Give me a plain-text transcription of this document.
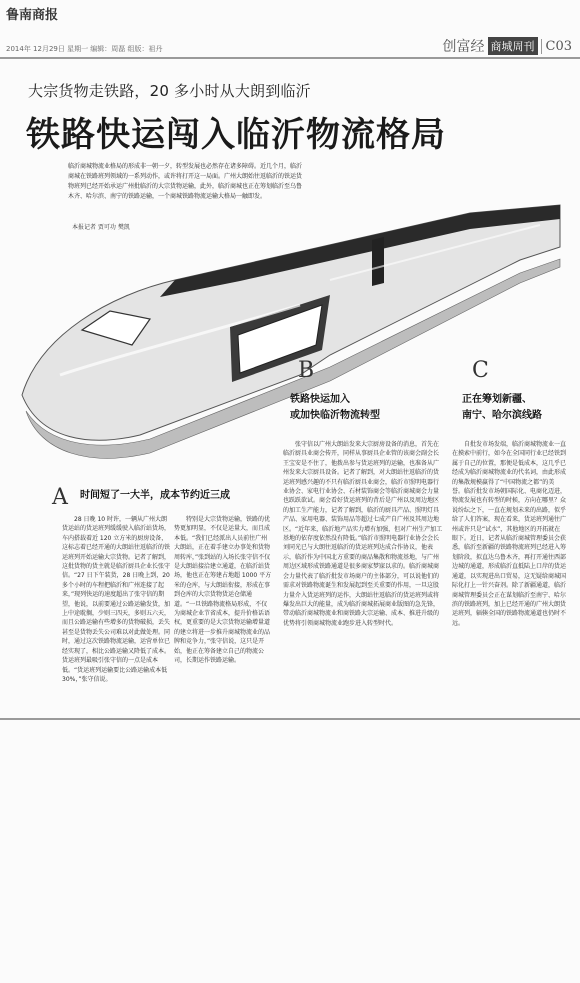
鲁南商报
2014年 12月29日 星期一 编辑：周磊 组版：祖丹	创富经 商城周刊 C03
大宗货物走铁路，20 多小时从大朗到临沂
铁路快运闯入临沂物流格局
临沂商城物流业格局的形成非一朝一夕，转型发展也必然存在诸多障碍。近几个月，临沂商城在铁路班列领域的一系列动作，或许将打开这一局面。广州大朗始往返临沂的铁运货物班列已经开始承运广州批临沂的大宗货物运输，此外，临沂商城也正在筹划临沂至乌鲁木齐、哈尔滨、南宁的铁路运输，一个商城铁路物流运输大格局一触即发。
本报记者 贾可功 樊凯
A 时间短了一大半，成本节约近三成
28 日晚 10 时许，一辆从广州大朗货运站的货运班列缓缓驶入临沂站货场，车内搭载着近 120 立方米的厨房设备，这标志着已经开通的大朗站往返临沂的铁运班列开始运输大宗货物。记者了解到，这批货物的货主就是临沂厨具企业长张守信。“27 日下午装货，28 日晚上到，20 多个小时的车程把临沂和广州连接了起来，”现列快运的速度超出了张守信的期望，他说，以前要通过公路运输发货，加上中途耽搁，少则三四天，多则五六天，而且公路运输有些增多的货物破损，丢失甚至是货物丢失公司难以对此做处理。同时，通过这次铁路物流运输，运营单位已经实现了，相比公路运输又降低了成本。货运班列最吸引张守信的一点是成本低。“货运班列运输要比公路运输成本低 30%，”张守信说。
特别是大宗货物运输，铁路的优势更加明显，不仅是运量大，而且成本低。“我们已经派出人员前往广州大朗站，正在着手建立办事处和货物周转库，”张到站的入场长张守信不仅是大朗站接洽建立通道，在临沂站货场，他也正在筹建占地超 1000 平方米的仓库，与大朗站衔接，形成在事到仓库的大宗货物货运仓储通道。“一旦铁路物流格局形成，不仅为商城企业节省成本，提升价格话语权，更重要的是大宗货物运输增量道的建立将进一步推升商城物流业的品牌和竞争力，”张守信说，这只是开始，他正在筹备建立自己的物流公司，长期运作铁路运输。
B
铁路快运加入
或加快临沂物流转型
张守信以广州大朗站发来大宗厨房设备的消息，首先在临沂厨具业商会传开，同样从事厨具企业管的该商会副会长王宝安是不住了，他拨出参与货运班列的运输，也准备从广州发来大宗厨具设备。记者了解到，对大朗站往返临沂的货运班列感兴趣的不只有临沂厨具业商会，临沂市照明电器行业协会、家电行业协会、石材装饰商会等临沂商城商会力量也跃跃欲试。商会看好货运班列的背后是广州以及周边地区的加工生产能力，记者了解到，临沂的厨具产品、照明灯具产品、家用电器、装饰用品等超过七成产自广州及其周边地区。“近年来，临沂地产品实力增有加强，但对广州生产加工基地的依存度依然没有降低。”临沂市照明电器行业协会会长刘同光已与大朗往返临沂的货运班列达成合作协议，他表示，临沂作为中国北方重要的商品集散和物流基地，与广州周边区域形成铁路通道是很多商家梦寐以求的。临沂商城商会力量代表了临沂批发市场商户的主体部分，可以说他们的需求对铁路物流诞生和发展起到至关重要的作用，一旦这股力量介入货运班列的运作，大朗站往返临沂的货运班列或将爆发出巨大的能量，成为临沂商城拓展商业版图的急先锋，带动临沂商城物流业和商铁路大宗运输、成本、推进升级的优势将引领商城物流业跑步进入转型时代。
C
正在筹划新疆、
南宁、哈尔滨线路
自批发市场发端，临沂商城物流业一直在摸索中前行，如今在全国同行业已经铁到属于自己的位置，那便是低成本，这几乎已经成为临沂商城物流业的代名词，由此形成的集散规模赢得了“中国物流之都”的美誉。临沂批发市场朝国际化、电商化迈进，物流发展也有转型的时候，方向在哪里？众说纷纭之下，一直在规划未来的出路，似乎给了人们答案，现在看来，货运班列通往广州或许只是“试水”，其他地区的开拓就在眼下。近日，记者从临沂商城管理委员会获悉，临沂至新疆的铁路物流班列已经进入筹划阶段，拟直达乌鲁木齐，再打开通往西部边城的通道，形成临沂直抵陆上口岸的货运通道，以实现进出口贸易，这无疑给商城国际化打上一针兴奋剂。除了新疆通道，临沂商城管理委员会正在谋划临沂至南宁、哈尔滨的铁路班列，加上已经开通的广州大朗货运班列，辐辏全国的铁路物流通道也仍时不远。
